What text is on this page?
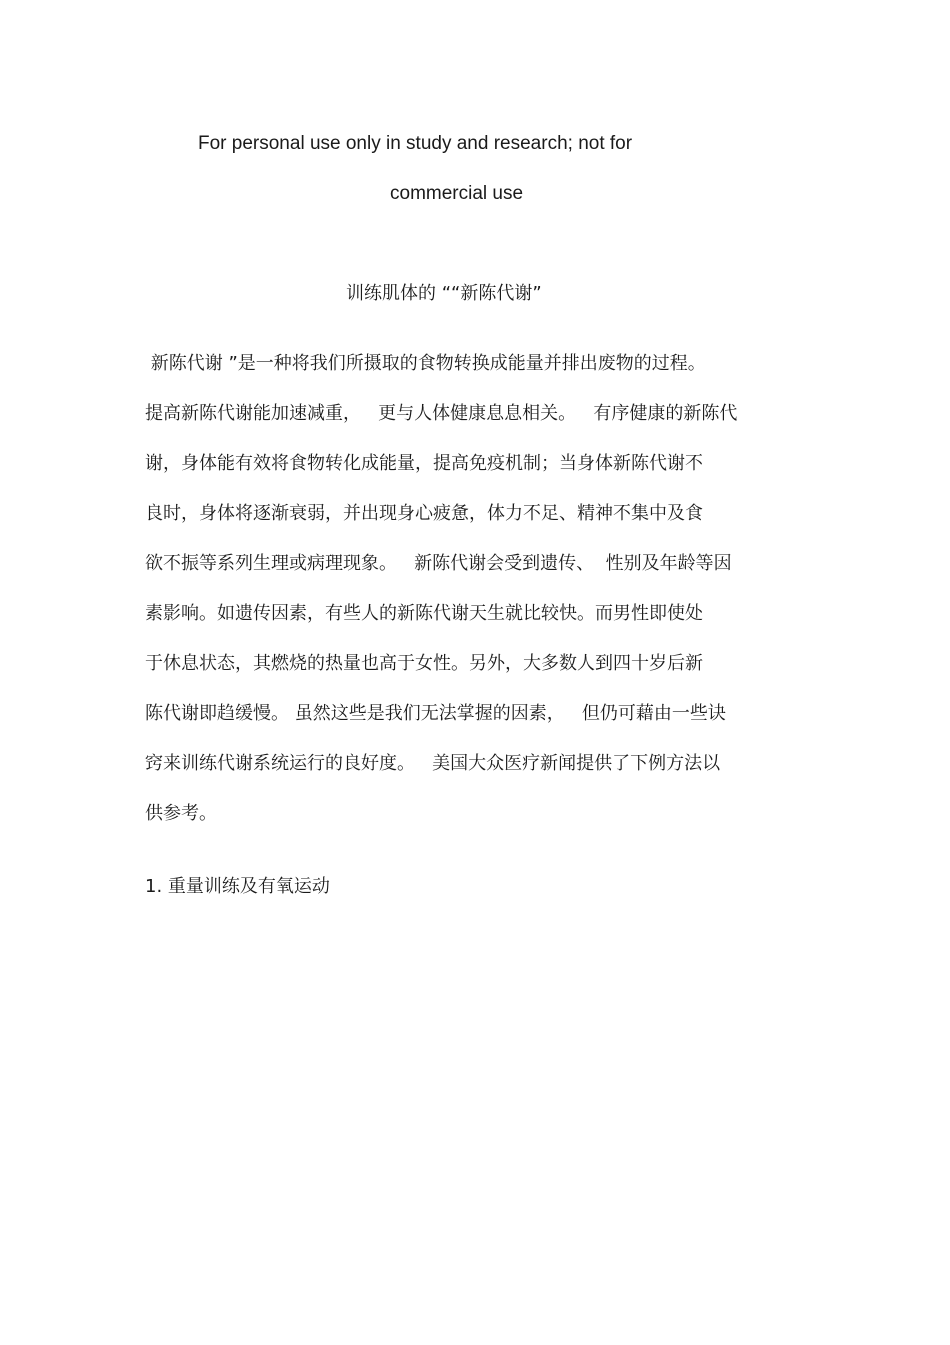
For personal use only in study and research; not for
commercial use
训练肌体的 ““新陈代谢”
新陈代谢 ”是一种将我们所摄取的食物转换成能量并排出废物的过程。
提高新陈代谢能加速减重，   更与人体健康息息相关。   有序健康的新陈代
谢，身体能有效将食物转化成能量，提高免疫机制；当身体新陈代谢不
良时，身体将逐渐衰弱，并出现身心疲惫，体力不足、精神不集中及食
欲不振等系列生理或病理现象。   新陈代谢会受到遗传、  性别及年龄等因
素影响。如遗传因素，有些人的新陈代谢天生就比较快。而男性即使处
于休息状态，其燃烧的热量也高于女性。另外，大多数人到四十岁后新
陈代谢即趋缓慢。 虽然这些是我们无法掌握的因素，   但仍可藉由一些诀
窍来训练代谢系统运行的良好度。   美国大众医疗新闻提供了下例方法以
供参考。
1. 重量训练及有氧运动
